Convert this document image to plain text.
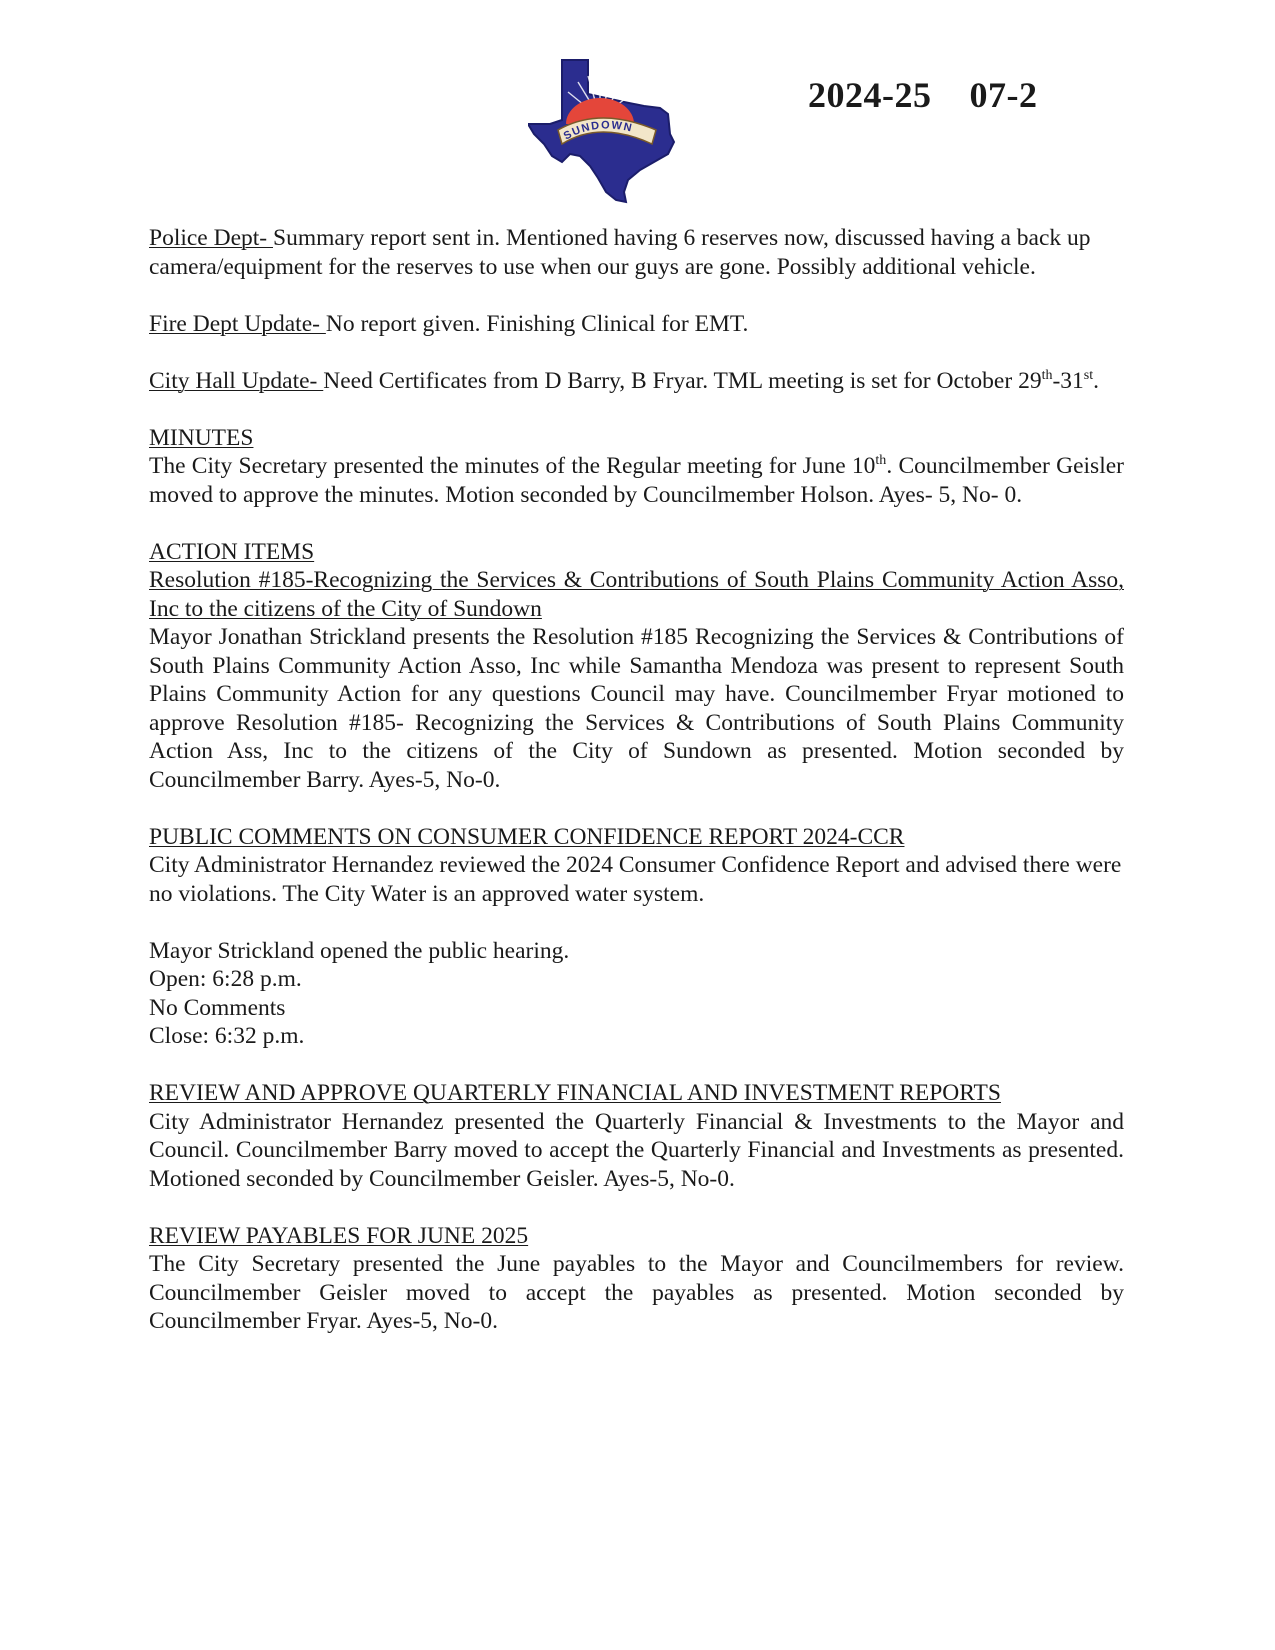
SUNDOWN
2024-25    07-2

Police Dept- Summary report sent in. Mentioned having 6 reserves now, discussed having a back up camera/equipment for the reserves to use when our guys are gone. Possibly additional vehicle.

Fire Dept Update- No report given. Finishing Clinical for EMT.

City Hall Update- Need Certificates from D Barry, B Fryar. TML meeting is set for October 29th-31st.

MINUTES
The City Secretary presented the minutes of the Regular meeting for June 10th. Councilmember Geisler moved to approve the minutes. Motion seconded by Councilmember Holson. Ayes- 5, No- 0.
ACTION ITEMS
Resolution #185-Recognizing the Services & Contributions of South Plains Community Action Asso, Inc to the citizens of the City of Sundown
Mayor Jonathan Strickland presents the Resolution #185 Recognizing the Services & Contributions of South Plains Community Action Asso, Inc while Samantha Mendoza was present to represent South Plains Community Action for any questions Council may have. Councilmember Fryar motioned to approve Resolution #185- Recognizing the Services & Contributions of South Plains Community Action Ass, Inc to the citizens of the City of Sundown as presented. Motion seconded by Councilmember Barry. Ayes-5, No-0.
PUBLIC COMMENTS ON CONSUMER CONFIDENCE REPORT 2024-CCR
City Administrator Hernandez reviewed the 2024 Consumer Confidence Report and advised there were no violations. The City Water is an approved water system.
Mayor Strickland opened the public hearing.
Open: 6:28 p.m.
No Comments
Close: 6:32 p.m.
REVIEW AND APPROVE QUARTERLY FINANCIAL AND INVESTMENT REPORTS
City Administrator Hernandez presented the Quarterly Financial & Investments to the Mayor and Council. Councilmember Barry moved to accept the Quarterly Financial and Investments as presented. Motioned seconded by Councilmember Geisler. Ayes-5, No-0.
REVIEW PAYABLES FOR JUNE 2025
The City Secretary presented the June payables to the Mayor and Councilmembers for review. Councilmember Geisler moved to accept the payables as presented. Motion seconded by Councilmember Fryar. Ayes-5, No-0.
